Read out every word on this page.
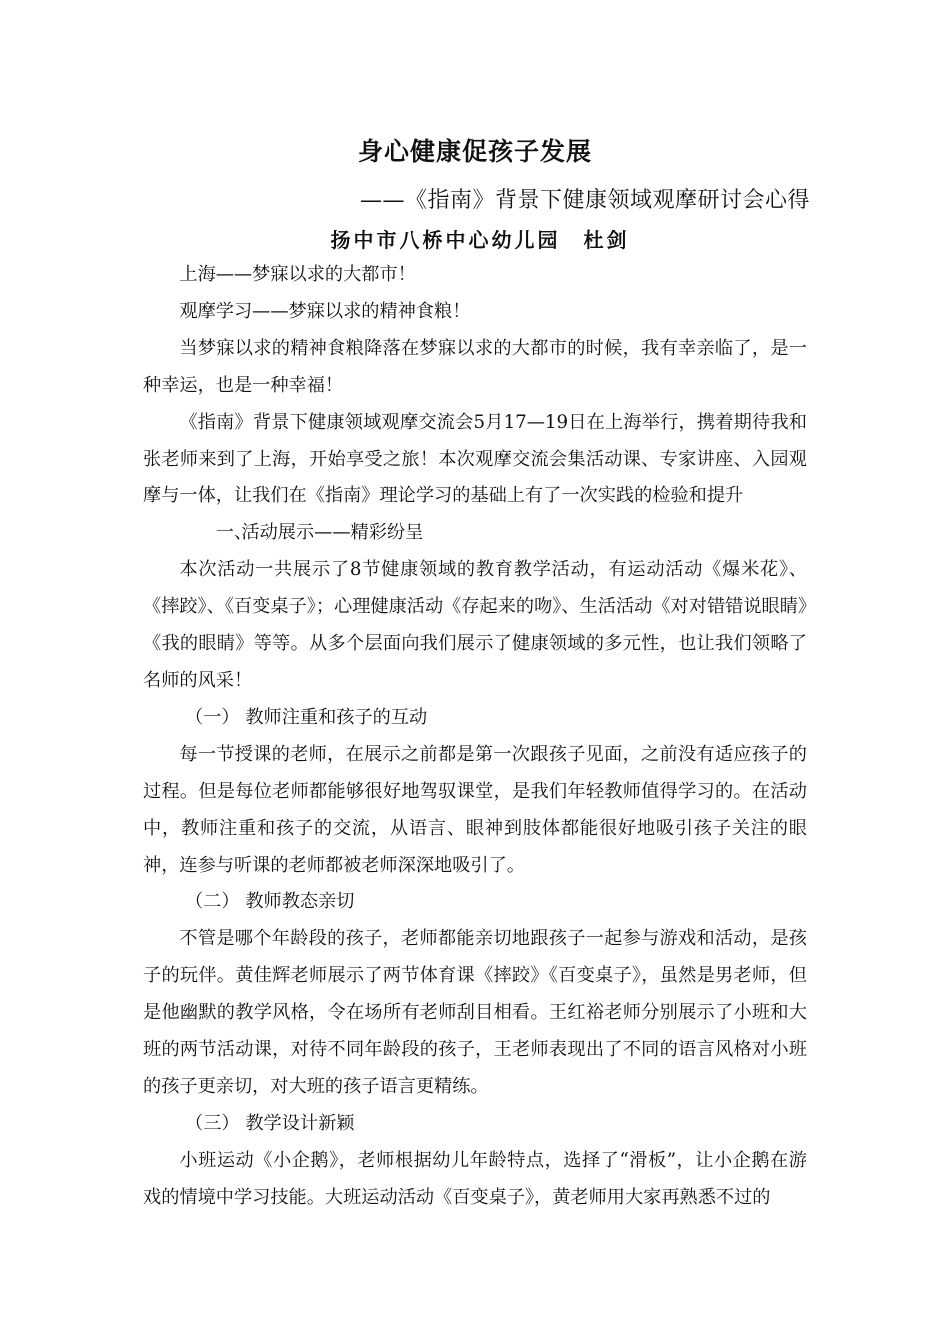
身心健康促孩子发展
——《指南》背景下健康领域观摩研讨会心得
扬中市八桥中心幼儿园　杜剑

上海——梦寐以求的大都市！

观摩学习——梦寐以求的精神食粮！

当梦寐以求的精神食粮降落在梦寐以求的大都市的时候，我有幸亲临了，是一种幸运，也是一种幸福！

《指南》背景下健康领域观摩交流会5月17—19日在上海举行，携着期待我和张老师来到了上海，开始享受之旅！本次观摩交流会集活动课、专家讲座、入园观摩与一体，让我们在《指南》理论学习的基础上有了一次实践的检验和提升

一、活动展示——精彩纷呈

本次活动一共展示了8节健康领域的教育教学活动，有运动活动《爆米花》、《摔跤》、《百变桌子》；心理健康活动《存起来的吻》、生活活动《对对错错说眼睛》《我的眼睛》等等。从多个层面向我们展示了健康领域的多元性，也让我们领略了名师的风采！

（一） 教师注重和孩子的互动

每一节授课的老师，在展示之前都是第一次跟孩子见面，之前没有适应孩子的过程。但是每位老师都能够很好地驾驭课堂，是我们年轻教师值得学习的。在活动中，教师注重和孩子的交流，从语言、眼神到肢体都能很好地吸引孩子关注的眼神，连参与听课的老师都被老师深深地吸引了。

（二） 教师教态亲切

不管是哪个年龄段的孩子，老师都能亲切地跟孩子一起参与游戏和活动，是孩子的玩伴。黄佳辉老师展示了两节体育课《摔跤》《百变桌子》，虽然是男老师，但是他幽默的教学风格，令在场所有老师刮目相看。王红裕老师分别展示了小班和大班的两节活动课，对待不同年龄段的孩子，王老师表现出了不同的语言风格对小班的孩子更亲切，对大班的孩子语言更精练。

（三） 教学设计新颖

小班运动《小企鹅》，老师根据幼儿年龄特点，选择了“滑板”，让小企鹅在游戏的情境中学习技能。大班运动活动《百变桌子》，黄老师用大家再熟悉不过的
